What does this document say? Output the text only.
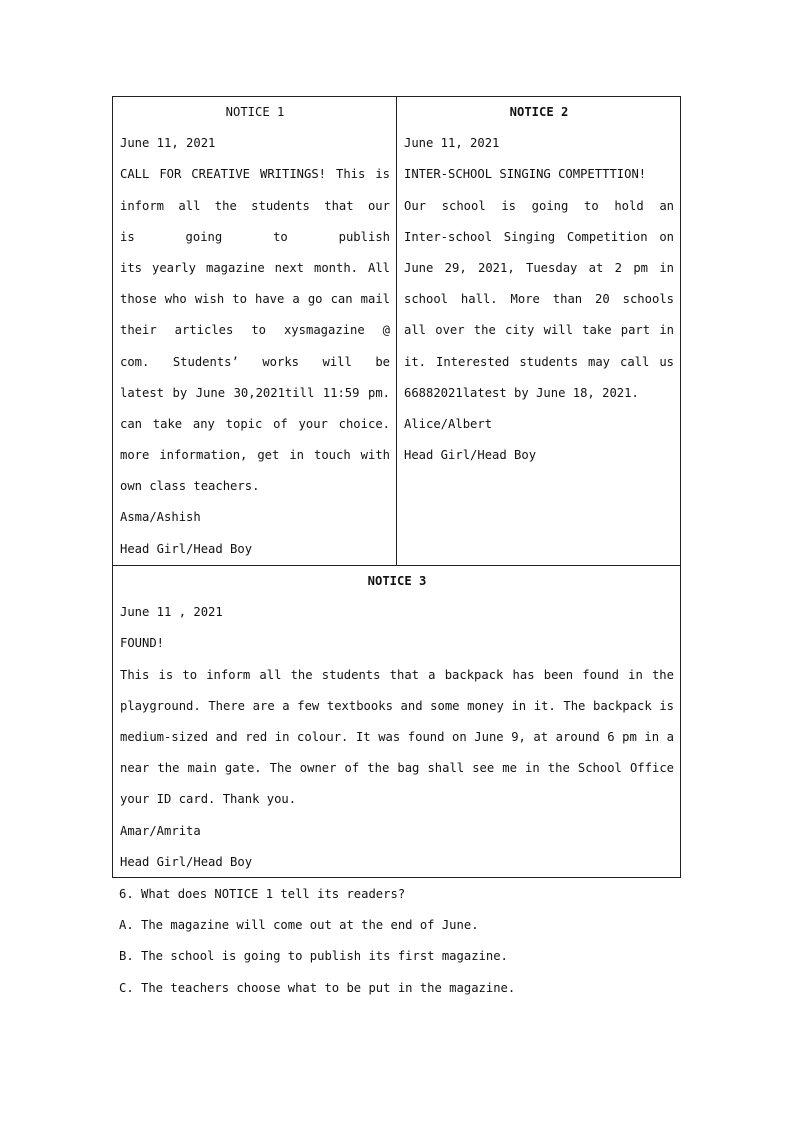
NOTICE 1
June 11, 2021
CALL FOR CREATIVE WRITINGS! This is
inform all the students that our
is going to publish
its yearly magazine next month. All
those who wish to have a go can mail
their articles to xysmagazine @
com. Students’ works will be
latest by June 30,2021till 11:59 pm.
can take any topic of your choice.
more information, get in touch with
own class teachers.
Asma/Ashish
Head Girl/Head Boy
NOTICE 2
June 11, 2021
INTER-SCHOOL SINGING COMPETTTION!
Our school is going to hold an
Inter-school Singing Competition on
June 29, 2021, Tuesday at 2 pm in
school hall. More than 20 schools
all over the city will take part in
it. Interested students may call us
66882021latest by June 18, 2021.
Alice/Albert
Head Girl/Head Boy
NOTICE 3
June 11 , 2021
FOUND!
This is to inform all the students that a backpack has been found in the
playground. There are a few textbooks and some money in it. The backpack is
medium-sized and red in colour. It was found on June 9, at around 6 pm in a
near the main gate. The owner of the bag shall see me in the School Office
your ID card. Thank you.
Amar/Amrita
Head Girl/Head Boy
6. What does NOTICE 1 tell its readers?
A. The magazine will come out at the end of June.
B. The school is going to publish its first magazine.
C. The teachers choose what to be put in the magazine.
